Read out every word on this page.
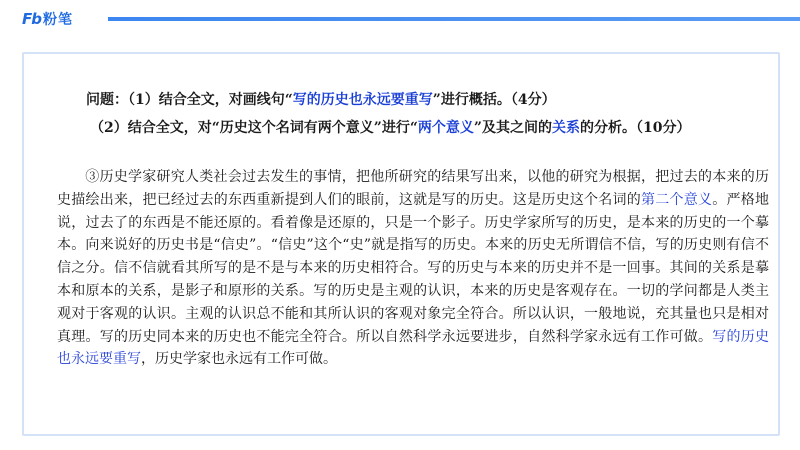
Fb 粉笔
问题：（1）结合全文，对画线句“写的历史也永远要重写”进行概括。（4分）
（2）结合全文，对“历史这个名词有两个意义”进行“两个意义”及其之间的关系的分析。（10分）
③历史学家研究人类社会过去发生的事情，把他所研究的结果写出来，以他的研究为根据，把过去的本来的历史描绘出来，把已经过去的东西重新提到人们的眼前，这就是写的历史。这是历史这个名词的第二个意义。严格地说，过去了的东西是不能还原的。看着像是还原的，只是一个影子。历史学家所写的历史，是本来的历史的一个摹本。向来说好的历史书是“信史”。“信史”这个“史”就是指写的历史。本来的历史无所谓信不信，写的历史则有信不信之分。信不信就看其所写的是不是与本来的历史相符合。写的历史与本来的历史并不是一回事。其间的关系是摹本和原本的关系，是影子和原形的关系。写的历史是主观的认识，本来的历史是客观存在。一切的学问都是人类主观对于客观的认识。主观的认识总不能和其所认识的客观对象完全符合。所以认识，一般地说，充其量也只是相对真理。写的历史同本来的历史也不能完全符合。所以自然科学永远要进步，自然科学家永远有工作可做。写的历史也永远要重写，历史学家也永远有工作可做。
